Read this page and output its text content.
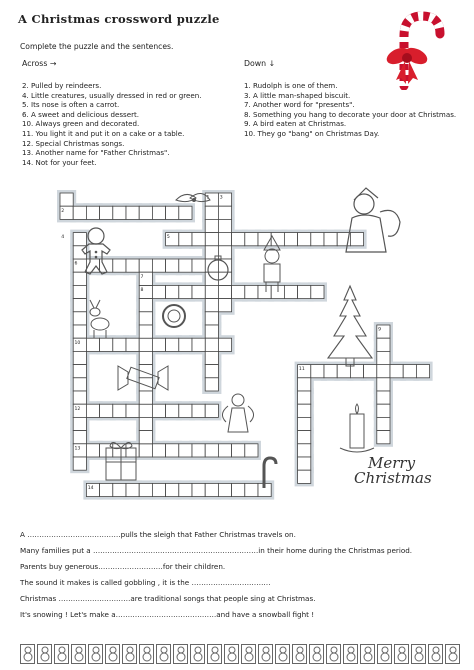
A Christmas crossword puzzle
Complete the puzzle and the sentences.
Across →	Down ↓
2. Pulled by reindeers.
4. Little creatures, usually dressed in red or green.
5. Its nose is often a carrot.
6. A sweet and delicious dessert.
10. Always green and decorated.
11. You light it and put it on a cake or a table.
12. Special Christmas songs.
13. Another name for "Father Christmas".
14. Not for your feet.
1. Rudolph is one of them.
3. A little man-shaped biscuit.
7. Another word for "presents".
8. Something you hang to decorate your door at Christmas.
9. A bird eaten at Christmas.
10. They go "bang" on Christmas Day.
1
2
3
4	5
6
7
8
9
10
11
12
13
14
Merry
Christmas
A …………………………………pulls the sleigh that Father Christmas travels on.
Many families put a ……………………………………………………………in their home during the Christmas period.
Parents buy generous………………………for their children.
The sound it makes is called gobbling , it is the ……………………………
Christmas …………………………are traditional songs that people sing at Christmas.
It's snowing ! Let's make a……………………………………and have a snowball fight !
